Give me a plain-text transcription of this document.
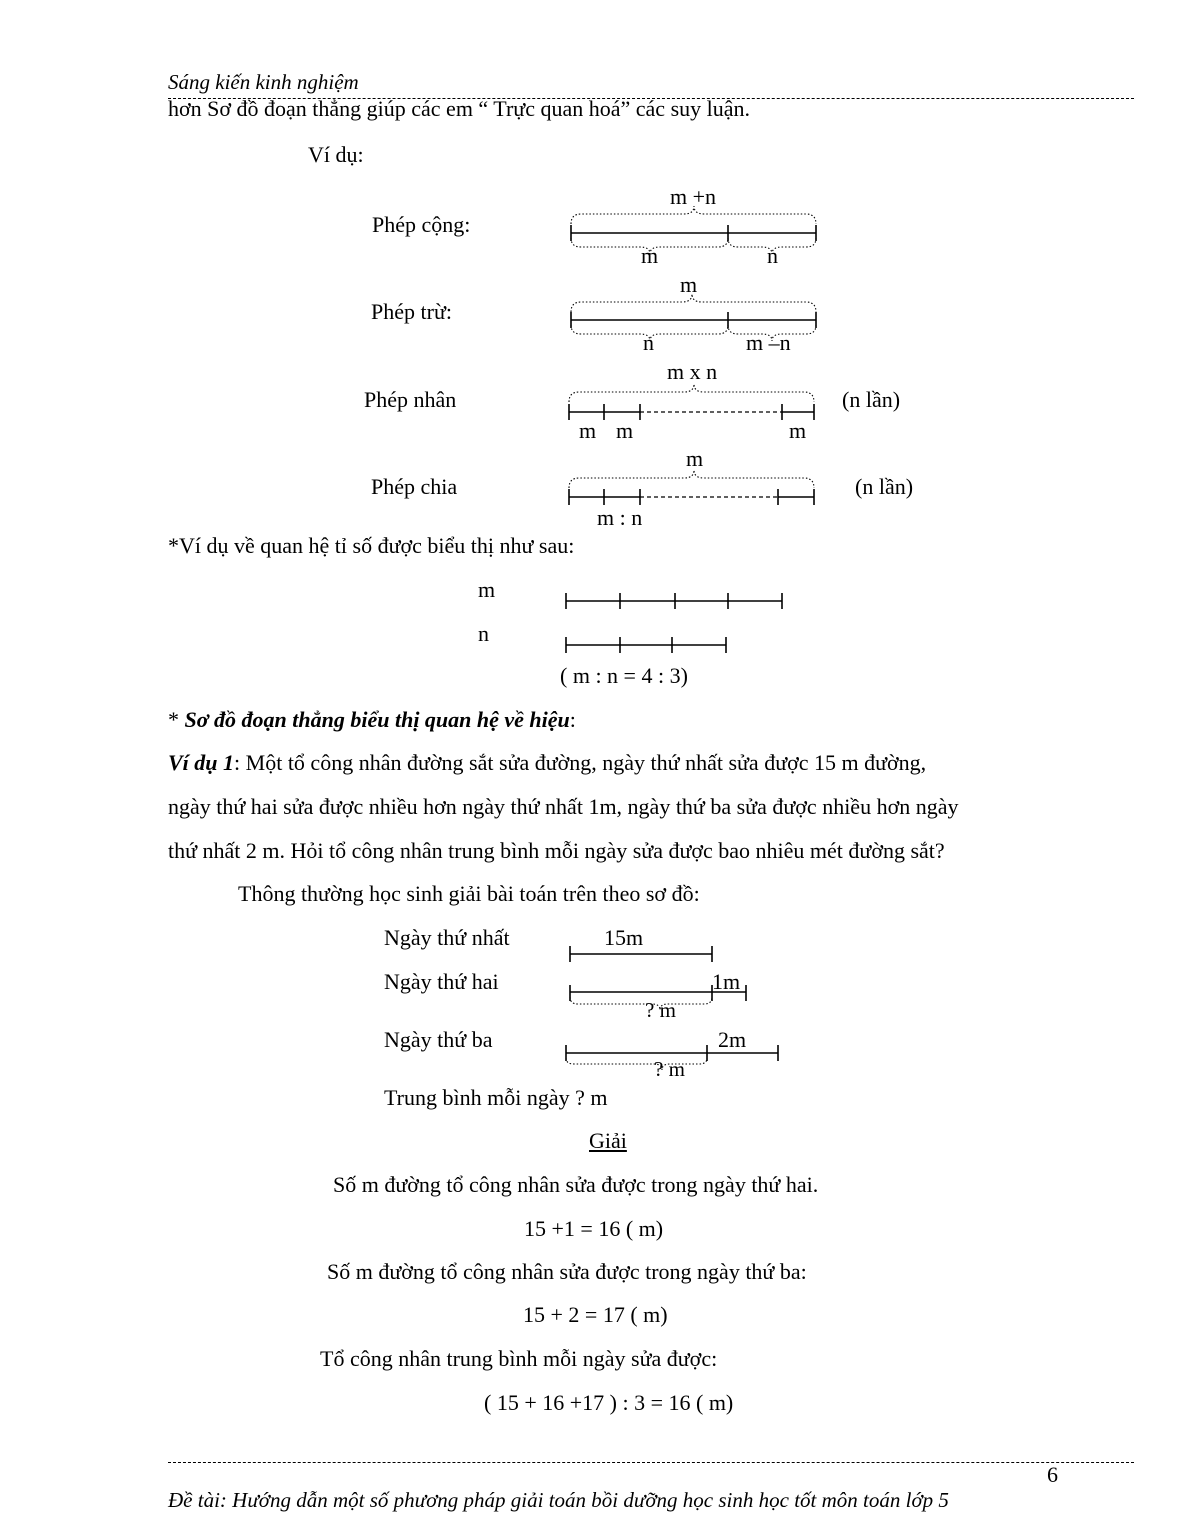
Sáng kiến kinh nghiệm
hơn Sơ đồ đoạn thẳng giúp các em “ Trực quan hoá” các suy luận.
Ví dụ:
Phép cộng:
m +n
m	n
Phép trừ:
m
n	m –n
Phép nhân
m x n
m m	m
(n lần)
Phép chia
m
m : n
(n lần)
*Ví dụ về quan hệ tỉ số được biểu thị như sau:
m
n
( m : n = 4 : 3)
* Sơ đồ đoạn thẳng biểu thị quan hệ về hiệu:
Ví dụ 1: Một tổ công nhân đường sắt sửa đường, ngày thứ nhất sửa được 15 m đường,
ngày thứ hai sửa được nhiều hơn ngày thứ nhất 1m, ngày thứ ba sửa được nhiều hơn ngày
thứ nhất 2 m. Hỏi tổ công nhân trung bình mỗi ngày sửa được bao nhiêu mét đường sắt?
Thông thường học sinh giải bài toán trên theo sơ đồ:
Ngày thứ nhất	15m
Ngày thứ hai	1m
? m
Ngày thứ ba	2m
? m
Trung bình mỗi ngày ? m
Giải
Số m đường tổ công nhân sửa được trong ngày thứ hai.
15 +1 = 16 ( m)
Số m đường tổ công nhân sửa được trong ngày thứ ba:
15 + 2 = 17 ( m)
Tổ công nhân trung bình mỗi ngày sửa được:
( 15 + 16 +17 ) : 3 = 16 ( m)
6
Đề tài: Hướng dẫn một số phương pháp giải toán bồi dưỡng học sinh học tốt môn toán lớp 5
